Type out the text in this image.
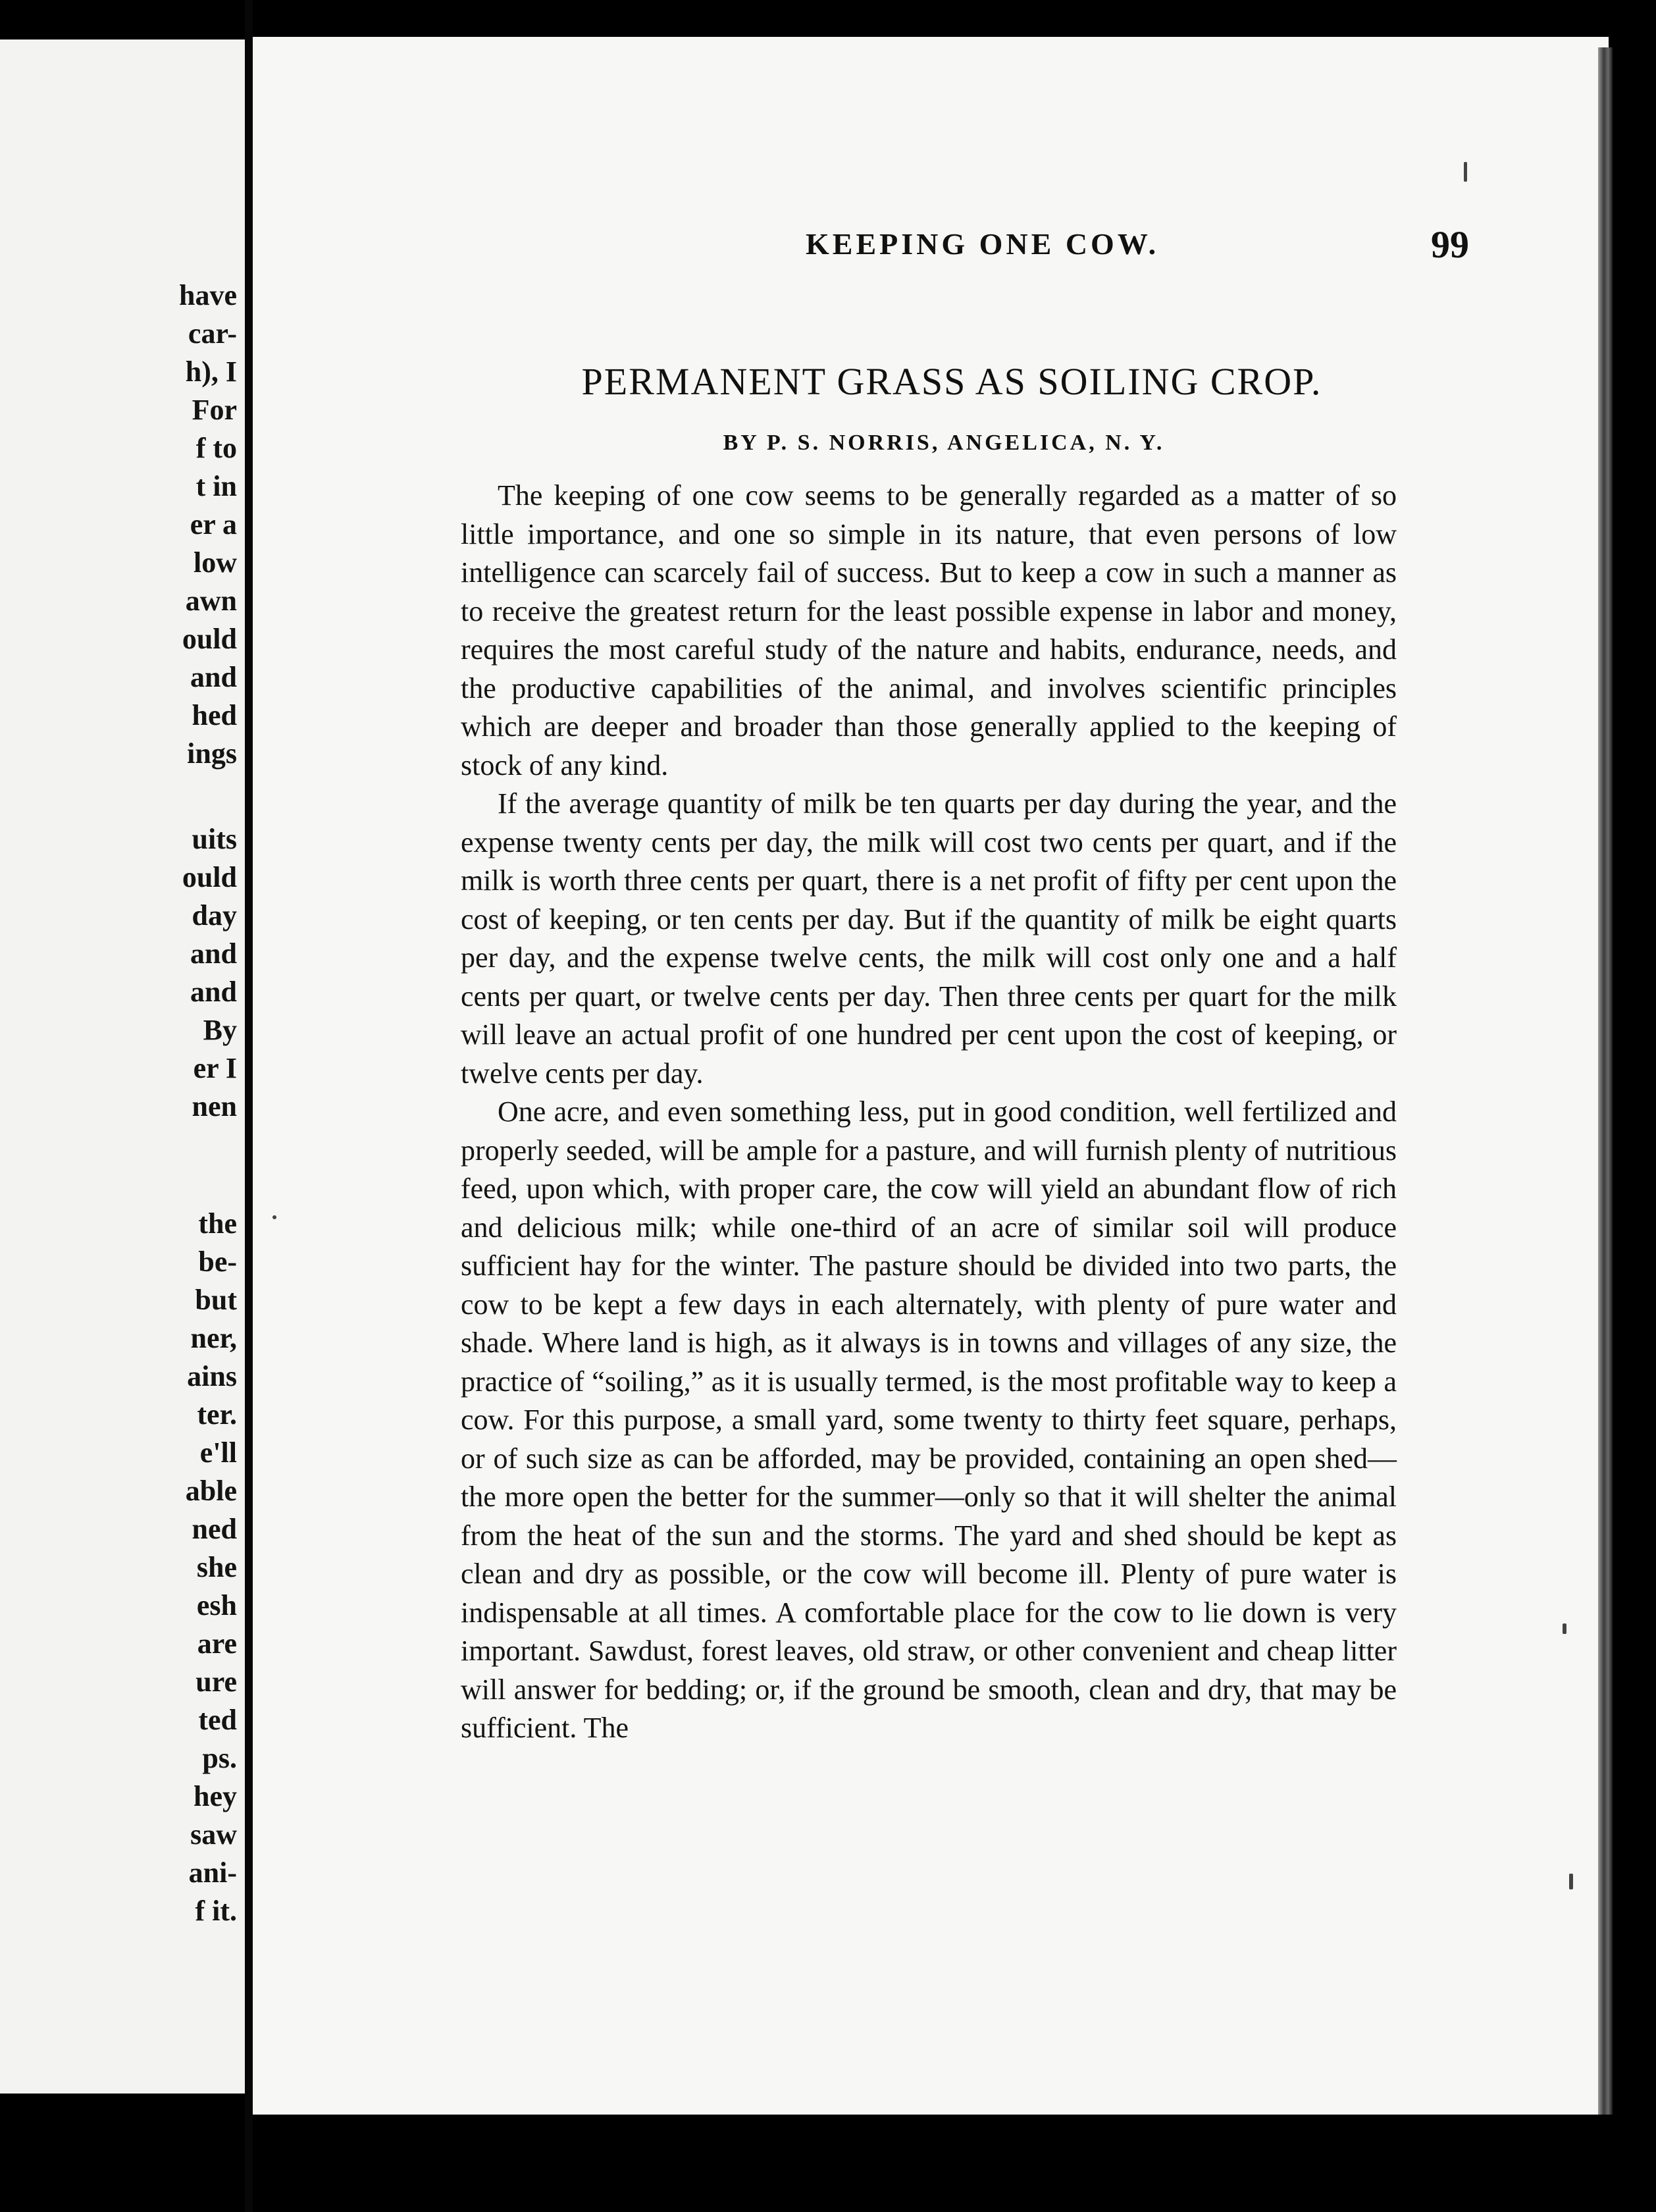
have
car-
h), I
For
f to
t in
er a
low
awn
ould
and
hed
ings
uits
ould
day
and
and
By
er I
nen
the
be-
but
ner,
ains
ter.
e'll
able
ned
she
esh
are
ure
ted
ps.
hey
saw
ani-
f it.

KEEPING ONE COW.	99

PERMANENT GRASS AS SOILING CROP.

BY P. S. NORRIS, ANGELICA, N. Y.

The keeping of one cow seems to be generally regarded as a matter of so little importance, and one so simple in its nature, that even persons of low intelligence can scarcely fail of success. But to keep a cow in such a manner as to receive the greatest return for the least possible expense in labor and money, requires the most careful study of the nature and habits, endurance, needs, and the productive capabilities of the animal, and involves scientific principles which are deeper and broader than those generally applied to the keeping of stock of any kind.

If the average quantity of milk be ten quarts per day during the year, and the expense twenty cents per day, the milk will cost two cents per quart, and if the milk is worth three cents per quart, there is a net profit of fifty per cent upon the cost of keeping, or ten cents per day. But if the quantity of milk be eight quarts per day, and the expense twelve cents, the milk will cost only one and a half cents per quart, or twelve cents per day. Then three cents per quart for the milk will leave an actual profit of one hundred per cent upon the cost of keeping, or twelve cents per day.

One acre, and even something less, put in good condition, well fertilized and properly seeded, will be ample for a pasture, and will furnish plenty of nutritious feed, upon which, with proper care, the cow will yield an abundant flow of rich and delicious milk; while one-third of an acre of similar soil will produce sufficient hay for the winter. The pasture should be divided into two parts, the cow to be kept a few days in each alternately, with plenty of pure water and shade. Where land is high, as it always is in towns and villages of any size, the practice of “soiling,” as it is usually termed, is the most profitable way to keep a cow. For this purpose, a small yard, some twenty to thirty feet square, perhaps, or of such size as can be afforded, may be provided, containing an open shed—the more open the better for the summer—only so that it will shelter the animal from the heat of the sun and the storms. The yard and shed should be kept as clean and dry as possible, or the cow will become ill. Plenty of pure water is indispensable at all times. A comfortable place for the cow to lie down is very important. Sawdust, forest leaves, old straw, or other convenient and cheap litter will answer for bedding; or, if the ground be smooth, clean and dry, that may be sufficient. The
